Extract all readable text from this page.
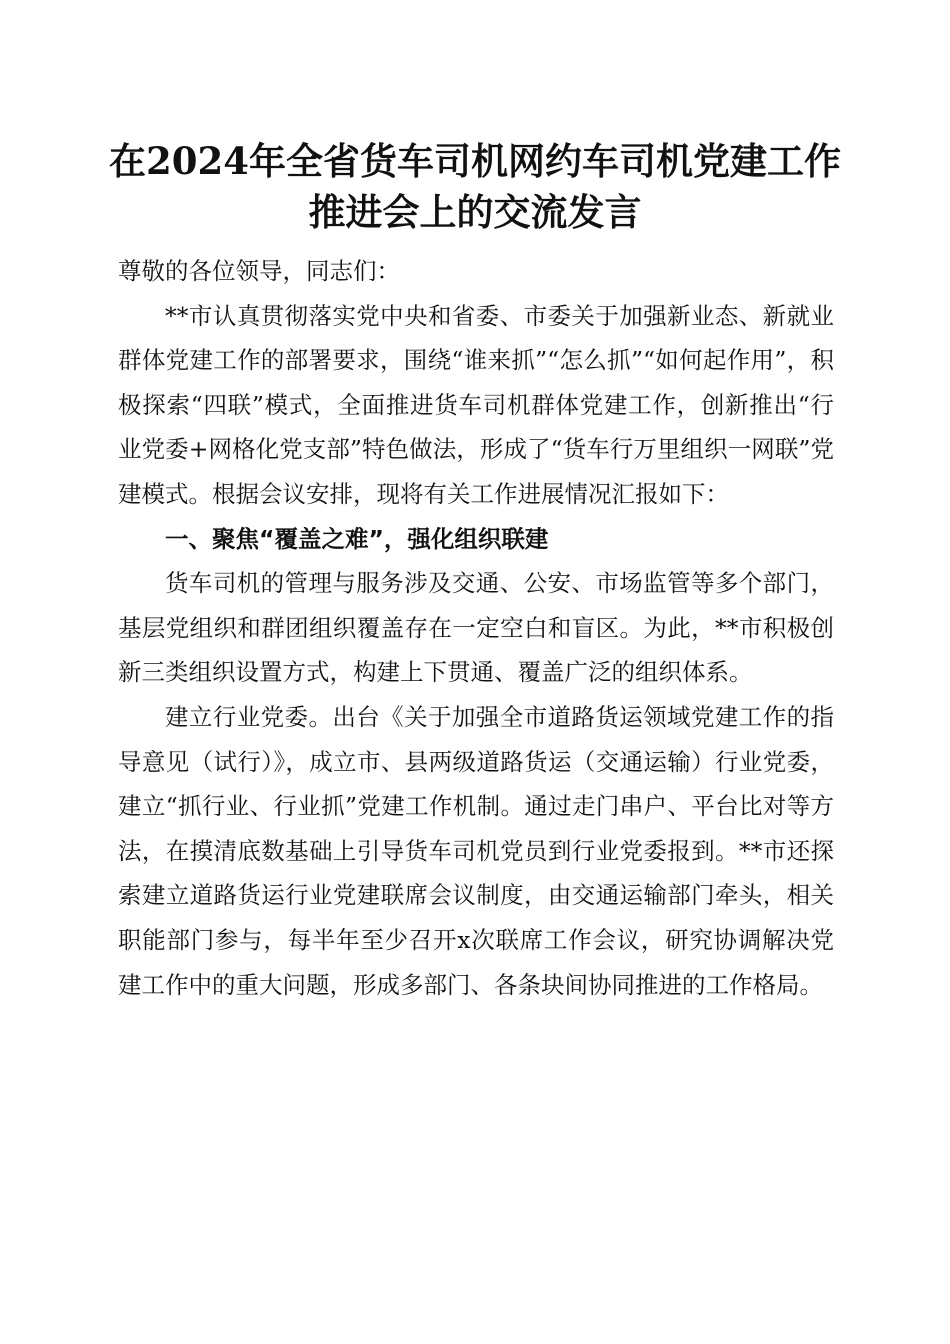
在2024年全省货车司机网约车司机党建工作
推进会上的交流发言

尊敬的各位领导，同志们：

**市认真贯彻落实党中央和省委、市委关于加强新业态、新就业群体党建工作的部署要求，围绕“谁来抓”“怎么抓”“如何起作用”，积极探索“四联”模式，全面推进货车司机群体党建工作，创新推出“行业党委+网格化党支部”特色做法，形成了“货车行万里组织一网联”党建模式。根据会议安排，现将有关工作进展情况汇报如下：

一、聚焦“覆盖之难”，强化组织联建

货车司机的管理与服务涉及交通、公安、市场监管等多个部门，基层党组织和群团组织覆盖存在一定空白和盲区。为此，**市积极创新三类组织设置方式，构建上下贯通、覆盖广泛的组织体系。

建立行业党委。出台《关于加强全市道路货运领域党建工作的指导意见（试行）》，成立市、县两级道路货运（交通运输）行业党委，建立“抓行业、行业抓”党建工作机制。通过走门串户、平台比对等方法，在摸清底数基础上引导货车司机党员到行业党委报到。**市还探索建立道路货运行业党建联席会议制度，由交通运输部门牵头，相关职能部门参与，每半年至少召开x次联席工作会议，研究协调解决党建工作中的重大问题，形成多部门、各条块间协同推进的工作格局。
